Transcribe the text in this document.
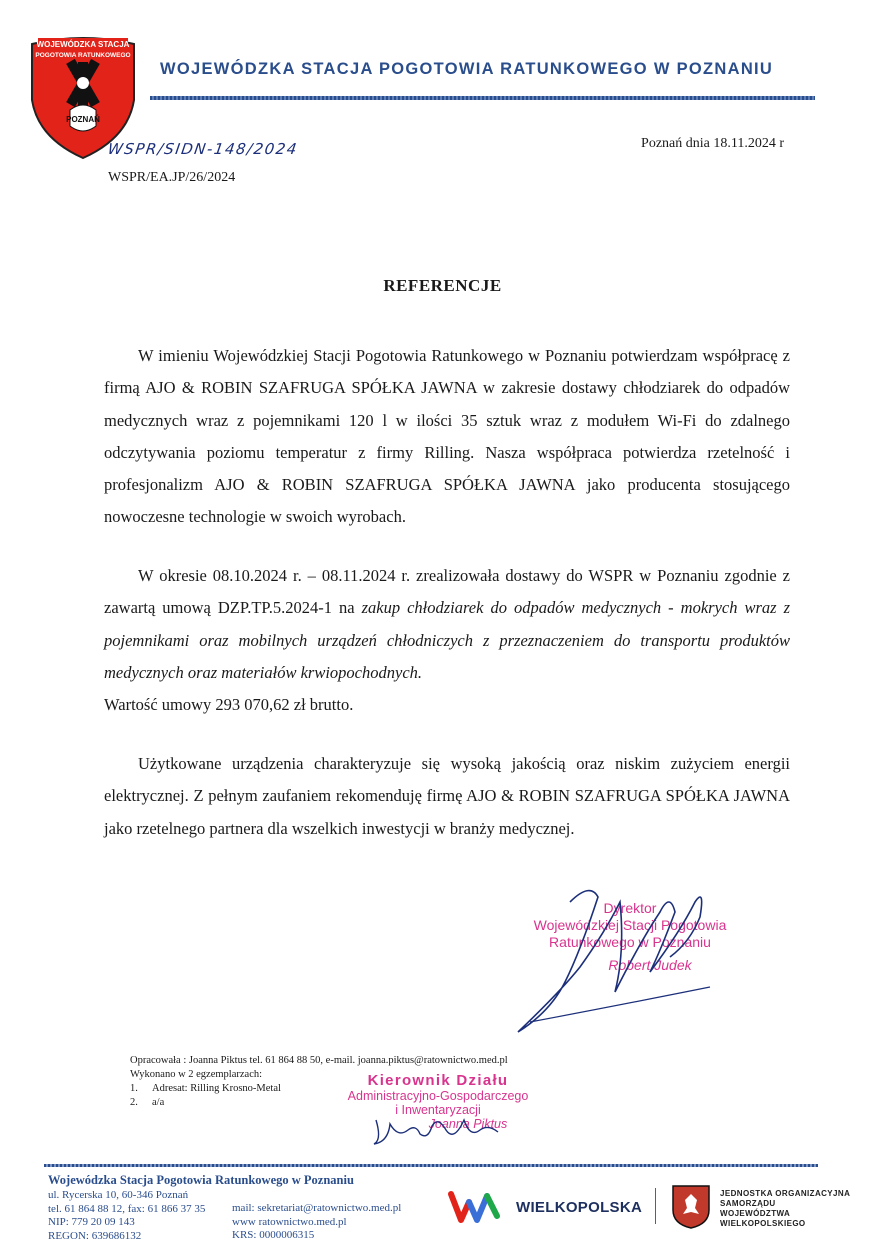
WOJEWÓDZKA STACJA
POGOTOWIA RATUNKOWEGO
POZNAŃ
WOJEWÓDZKA STACJA POGOTOWIA RATUNKOWEGO W POZNANIU
WSPR/SIDN-148/2024
WSPR/EA.JP/26/2024
Poznań dnia 18.11.2024 r
REFERENCJE
W imieniu Wojewódzkiej Stacji Pogotowia Ratunkowego w Poznaniu potwierdzam współpracę z firmą AJO & ROBIN SZAFRUGA SPÓŁKA JAWNA w zakresie dostawy chłodziarek do odpadów medycznych wraz z pojemnikami 120 l w ilości 35 sztuk wraz z modułem Wi-Fi do zdalnego odczytywania poziomu temperatur z firmy Rilling. Nasza współpraca potwierdza rzetelność i profesjonalizm AJO & ROBIN SZAFRUGA SPÓŁKA JAWNA jako producenta stosującego nowoczesne technologie w swoich wyrobach.
W okresie 08.10.2024 r. – 08.11.2024 r. zrealizowała dostawy do WSPR w Poznaniu zgodnie z zawartą umową DZP.TP.5.2024-1 na zakup chłodziarek do odpadów medycznych - mokrych wraz z pojemnikami oraz mobilnych urządzeń chłodniczych z przeznaczeniem do transportu produktów medycznych oraz materiałów krwiopochodnych.
Wartość umowy 293 070,62 zł brutto.
Użytkowane urządzenia charakteryzuje się wysoką jakością oraz niskim zużyciem energii elektrycznej. Z pełnym zaufaniem rekomenduję firmę AJO & ROBIN SZAFRUGA SPÓŁKA JAWNA jako rzetelnego partnera dla wszelkich inwestycji w branży medycznej.
Dyrektor
Wojewódzkiej Stacji Pogotowia
Ratunkowego w Poznaniu
Robert Judek
Opracowała : Joanna Piktus tel. 61 864 88 50, e-mail. joanna.piktus@ratownictwo.med.pl
Wykonano w 2 egzemplarzach:
1. Adresat: Rilling Krosno-Metal
2. a/a
Kierownik Działu
Administracyjno-Gospodarczego
i Inwentaryzacji
Joanna Piktus
Wojewódzka Stacja Pogotowia Ratunkowego w Poznaniu
ul. Rycerska 10, 60-346 Poznań
tel. 61 864 88 12, fax: 61 866 37 35
NIP: 779 20 09 143
REGON: 639686132
mail: sekretariat@ratownictwo.med.pl
www ratownictwo.med.pl
KRS: 0000006315
WIELKOPOLSKA
JEDNOSTKA ORGANIZACYJNA
SAMORZĄDU
WOJEWÓDZTWA
WIELKOPOLSKIEGO
